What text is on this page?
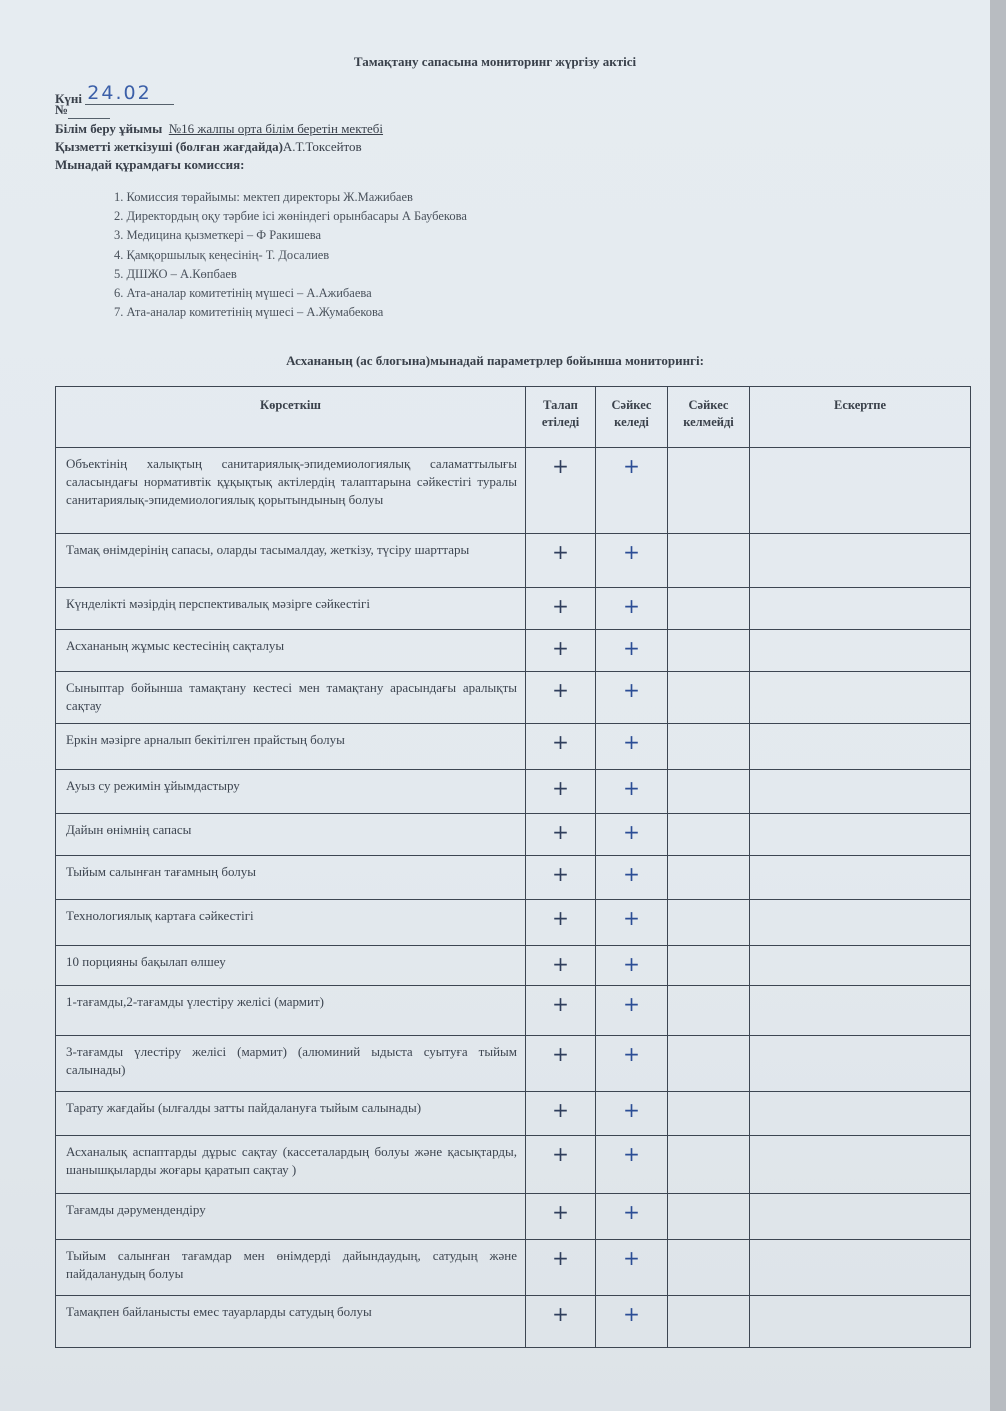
Тамақтану сапасына мониторинг жүргізу актісі
Күні 24.02
№
Білім беру ұйымы №16 жалпы орта білім беретін мектебі
Қызметті жеткізуші (болған жағдайда)А.Т.Токсейтов
Мынадай құрамдағы комиссия:
1. Комиссия төрайымы: мектеп директоры Ж.Мажибаев
2. Директордың оқу тәрбие ісі жөніндегі орынбасары А Баубекова
3. Медицина қызметкері – Ф Ракишева
4. Қамқоршылық кеңесінің- Т. Досалиев
5. ДШЖО – А.Көпбаев
6. Ата-аналар комитетінің мүшесі – А.Ажибаева
7. Ата-аналар комитетінің мүшесі – А.Жумабекова
Асхананың (ас блогына)мынадай параметрлер бойынша мониторингі:
Көрсеткіш	Талап етіледі	Сәйкес келеді	Сәйкес келмейді	Ескертпе
Объектінің халықтың санитариялық-эпидемиологиялық саламаттылығы саласындағы нормативтік құқықтық актілердің талаптарына сәйкестігі туралы санитариялық-эпидемиологиялық қорытындының болуы	+	+		
Тамақ өнімдерінің сапасы, оларды тасымалдау, жеткізу, түсіру шарттары	+	+		
Күнделікті мәзірдің перспективалық мәзірге сәйкестігі	+	+		
Асхананың жұмыс кестесінің сақталуы	+	+		
Сыныптар бойынша тамақтану кестесі мен тамақтану арасындағы аралықты сақтау	+	+		
Еркін мәзірге арналып бекітілген прайстың болуы	+	+		
Ауыз су режимін ұйымдастыру	+	+		
Дайын өнімнің сапасы	+	+		
Тыйым салынған тағамның болуы	+	+		
Технологиялық картаға сәйкестігі	+	+		
10 порцияны бақылап өлшеу	+	+		
1-тағамды,2-тағамды үлестіру желісі (мармит)	+	+		
3-тағамды үлестіру желісі (мармит) (алюминий ыдыста суытуға тыйым салынады)	+	+		
Тарату жағдайы (ылғалды затты пайдалануға тыйым салынады)	+	+		
Асханалық аспаптарды дұрыс сақтау (кассеталардың болуы және қасықтарды, шанышқыларды жоғары қаратып сақтау )	+	+		
Тағамды дәрумендендіру	+	+		
Тыйым салынған тағамдар мен өнімдерді дайындаудың, сатудың және пайдаланудың болуы	+	+		
Тамақпен байланысты емес тауарларды сатудың болуы	+	+		
